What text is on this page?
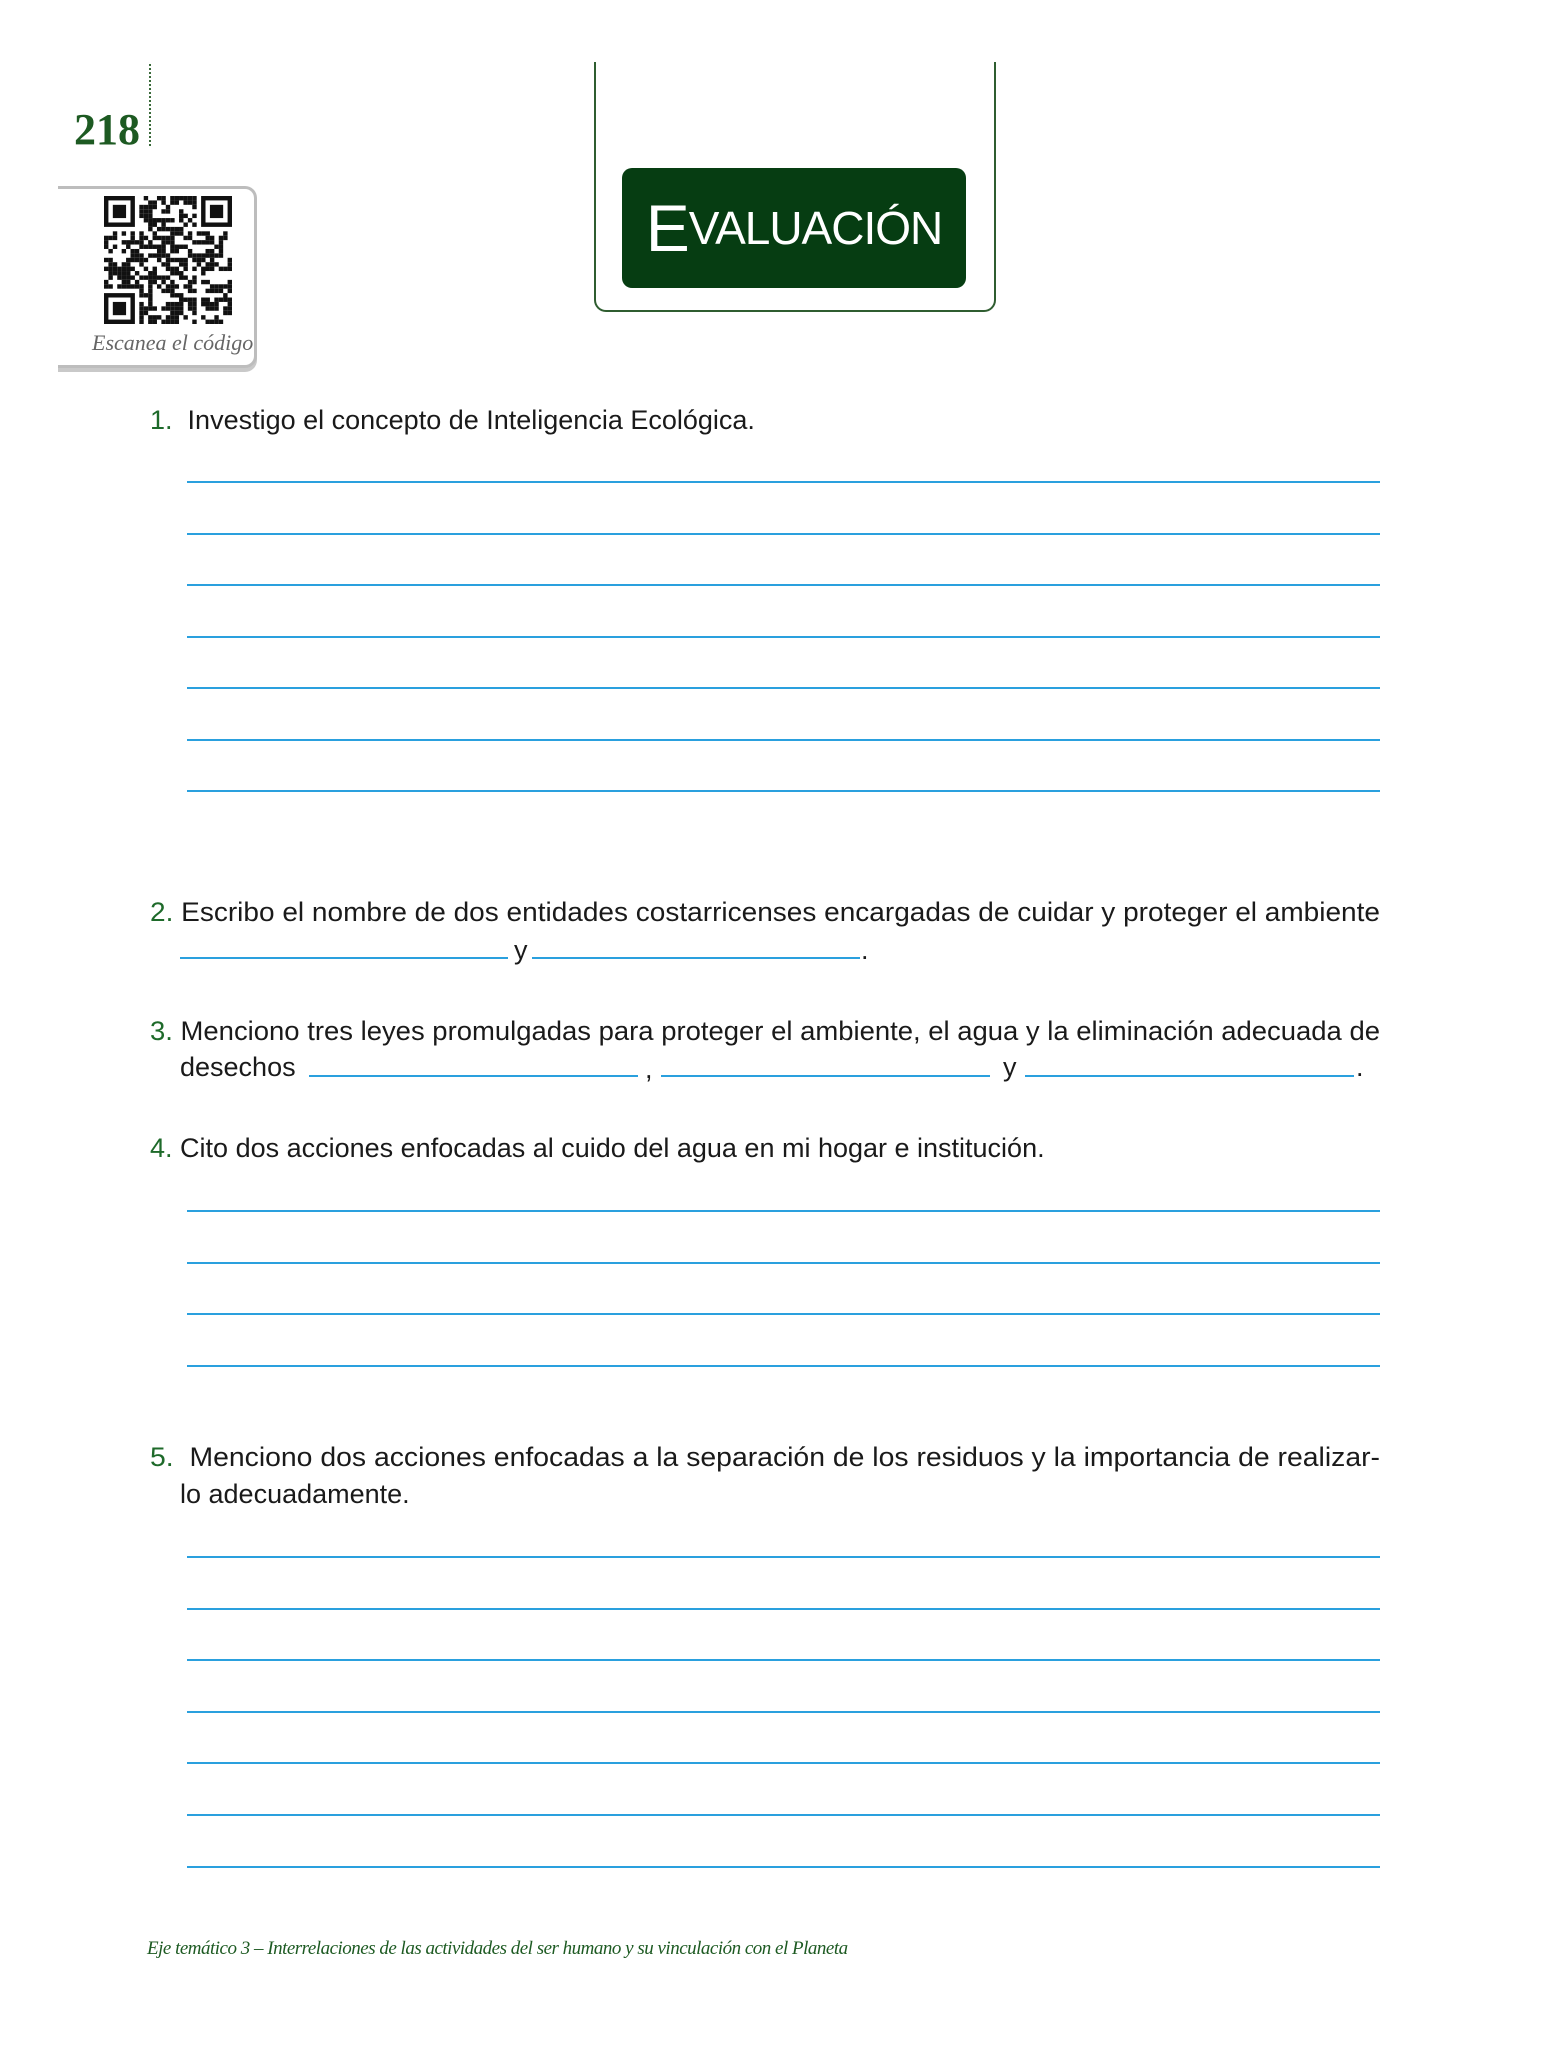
218
Escanea el código
E VALUACIÓN
1. Investigo el concepto de Inteligencia Ecológica.
2. Escribo el nombre de dos entidades costarricenses encargadas de cuidar y proteger el ambiente
y	.
3. Menciono tres leyes promulgadas para proteger el ambiente, el agua y la eliminación adecuada de
desechos	,	y	.
4. Cito dos acciones enfocadas al cuido del agua en mi hogar e institución.
5. Menciono dos acciones enfocadas a la separación de los residuos y la importancia de realizar-
lo adecuadamente.
Eje temático 3 – Interrelaciones de las actividades del ser humano y su vinculación con el Planeta
